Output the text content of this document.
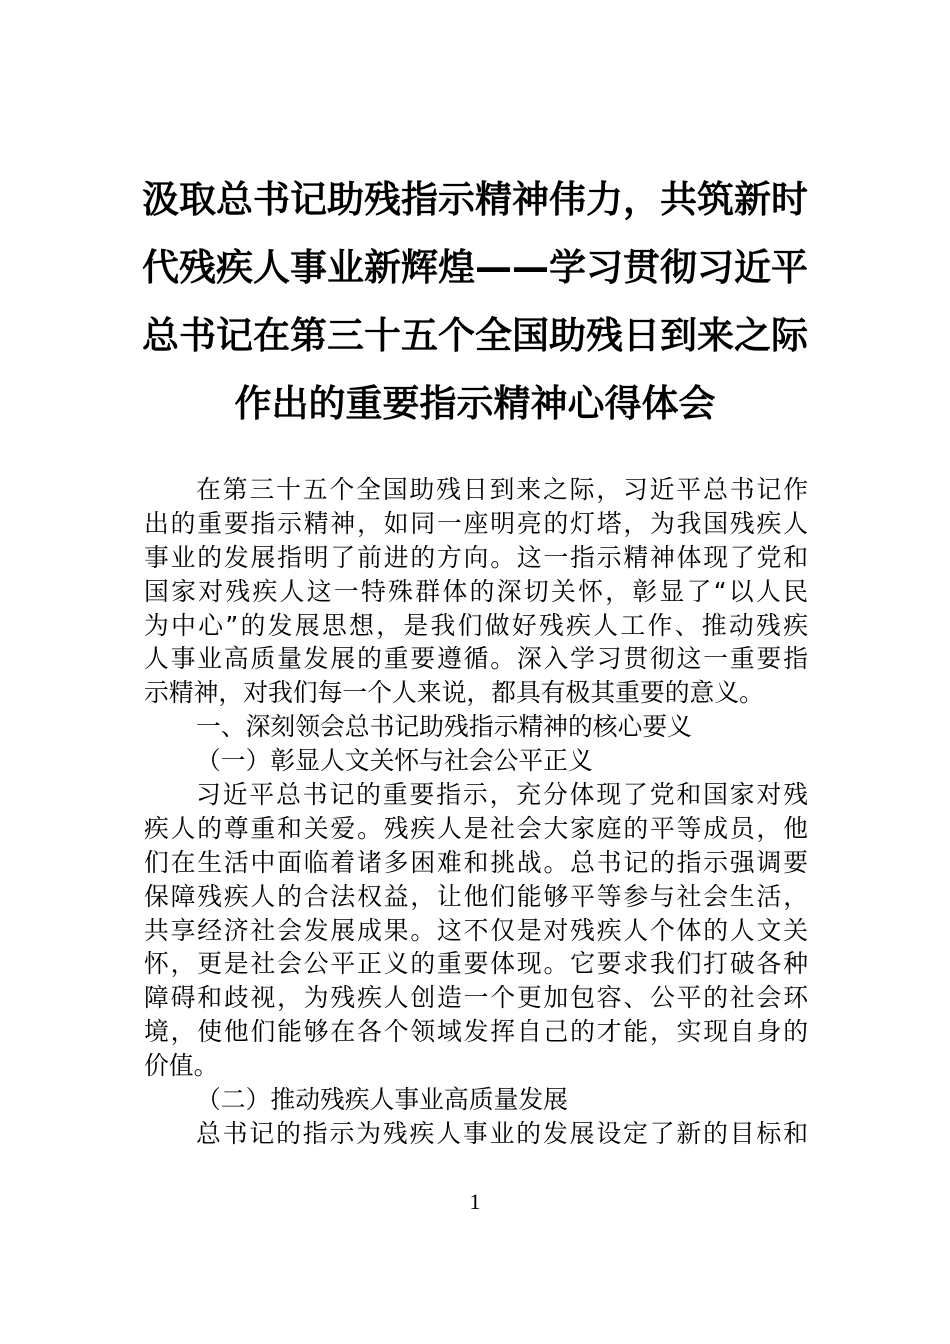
汲取总书记助残指示精神伟力，共筑新时
代残疾人事业新辉煌——学习贯彻习近平
总书记在第三十五个全国助残日到来之际
作出的重要指示精神心得体会
在第三十五个全国助残日到来之际，习近平总书记作
出的重要指示精神，如同一座明亮的灯塔，为我国残疾人
事业的发展指明了前进的方向。这一指示精神体现了党和
国家对残疾人这一特殊群体的深切关怀，彰显了“以人民
为中心”的发展思想，是我们做好残疾人工作、推动残疾
人事业高质量发展的重要遵循。深入学习贯彻这一重要指
示精神，对我们每一个人来说，都具有极其重要的意义。
一、深刻领会总书记助残指示精神的核心要义
（一）彰显人文关怀与社会公平正义
习近平总书记的重要指示，充分体现了党和国家对残
疾人的尊重和关爱。残疾人是社会大家庭的平等成员，他
们在生活中面临着诸多困难和挑战。总书记的指示强调要
保障残疾人的合法权益，让他们能够平等参与社会生活，
共享经济社会发展成果。这不仅是对残疾人个体的人文关
怀，更是社会公平正义的重要体现。它要求我们打破各种
障碍和歧视，为残疾人创造一个更加包容、公平的社会环
境，使他们能够在各个领域发挥自己的才能，实现自身的
价值。
（二）推动残疾人事业高质量发展
总书记的指示为残疾人事业的发展设定了新的目标和
1
